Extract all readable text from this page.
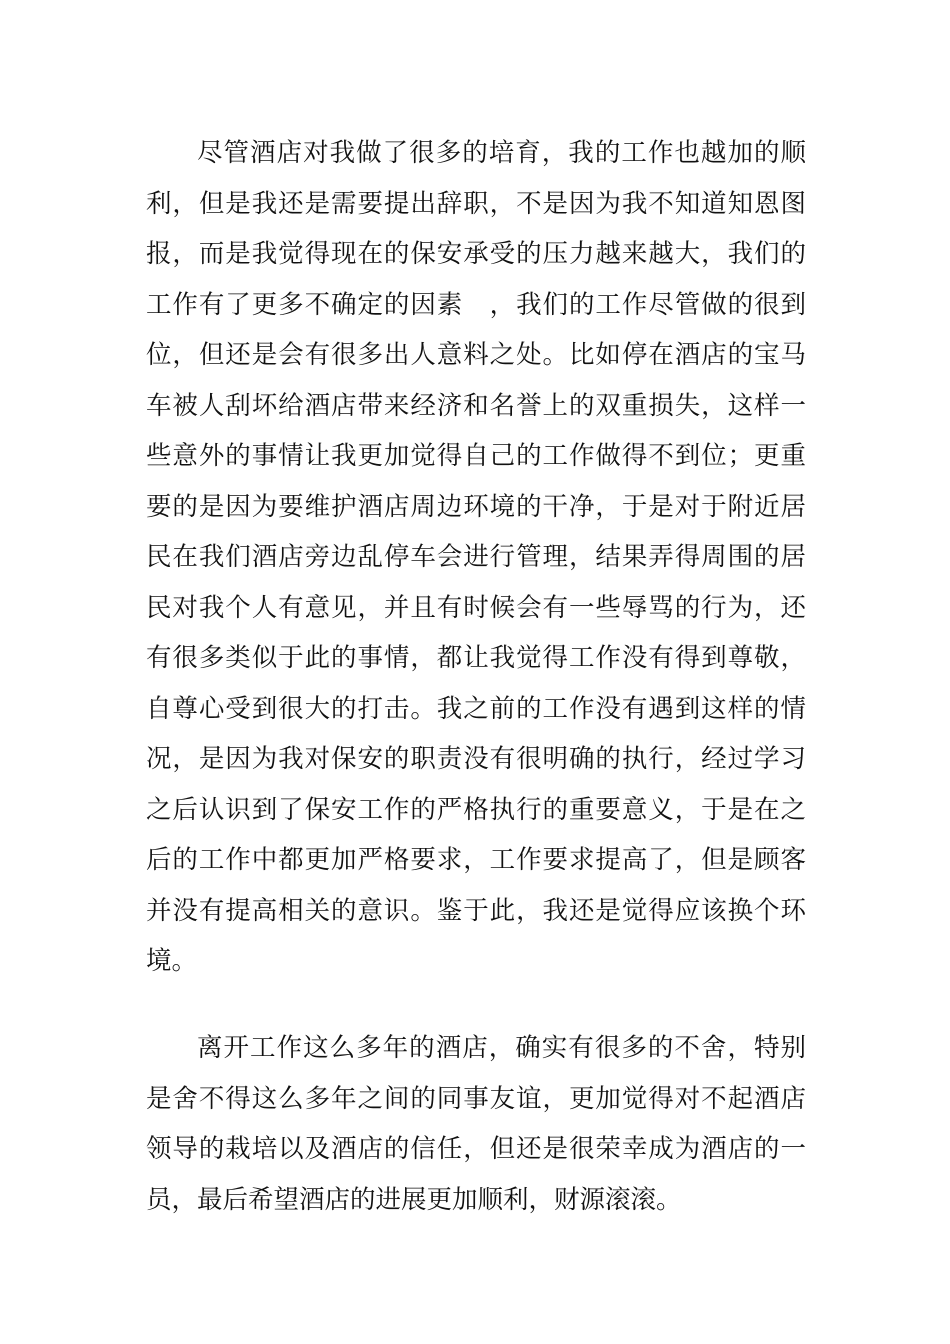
尽管酒店对我做了很多的培育，我的工作也越加的顺
利，但是我还是需要提出辞职，不是因为我不知道知恩图
报，而是我觉得现在的保安承受的压力越来越大，我们的
工作有了更多不确定的因素　，我们的工作尽管做的很到
位，但还是会有很多出人意料之处。比如停在酒店的宝马
车被人刮坏给酒店带来经济和名誉上的双重损失，这样一
些意外的事情让我更加觉得自己的工作做得不到位；更重
要的是因为要维护酒店周边环境的干净，于是对于附近居
民在我们酒店旁边乱停车会进行管理，结果弄得周围的居
民对我个人有意见，并且有时候会有一些辱骂的行为，还
有很多类似于此的事情，都让我觉得工作没有得到尊敬，
自尊心受到很大的打击。我之前的工作没有遇到这样的情
况，是因为我对保安的职责没有很明确的执行，经过学习
之后认识到了保安工作的严格执行的重要意义，于是在之
后的工作中都更加严格要求，工作要求提高了，但是顾客
并没有提高相关的意识。鉴于此，我还是觉得应该换个环
境。
离开工作这么多年的酒店，确实有很多的不舍，特别
是舍不得这么多年之间的同事友谊，更加觉得对不起酒店
领导的栽培以及酒店的信任，但还是很荣幸成为酒店的一
员，最后希望酒店的进展更加顺利，财源滚滚。
